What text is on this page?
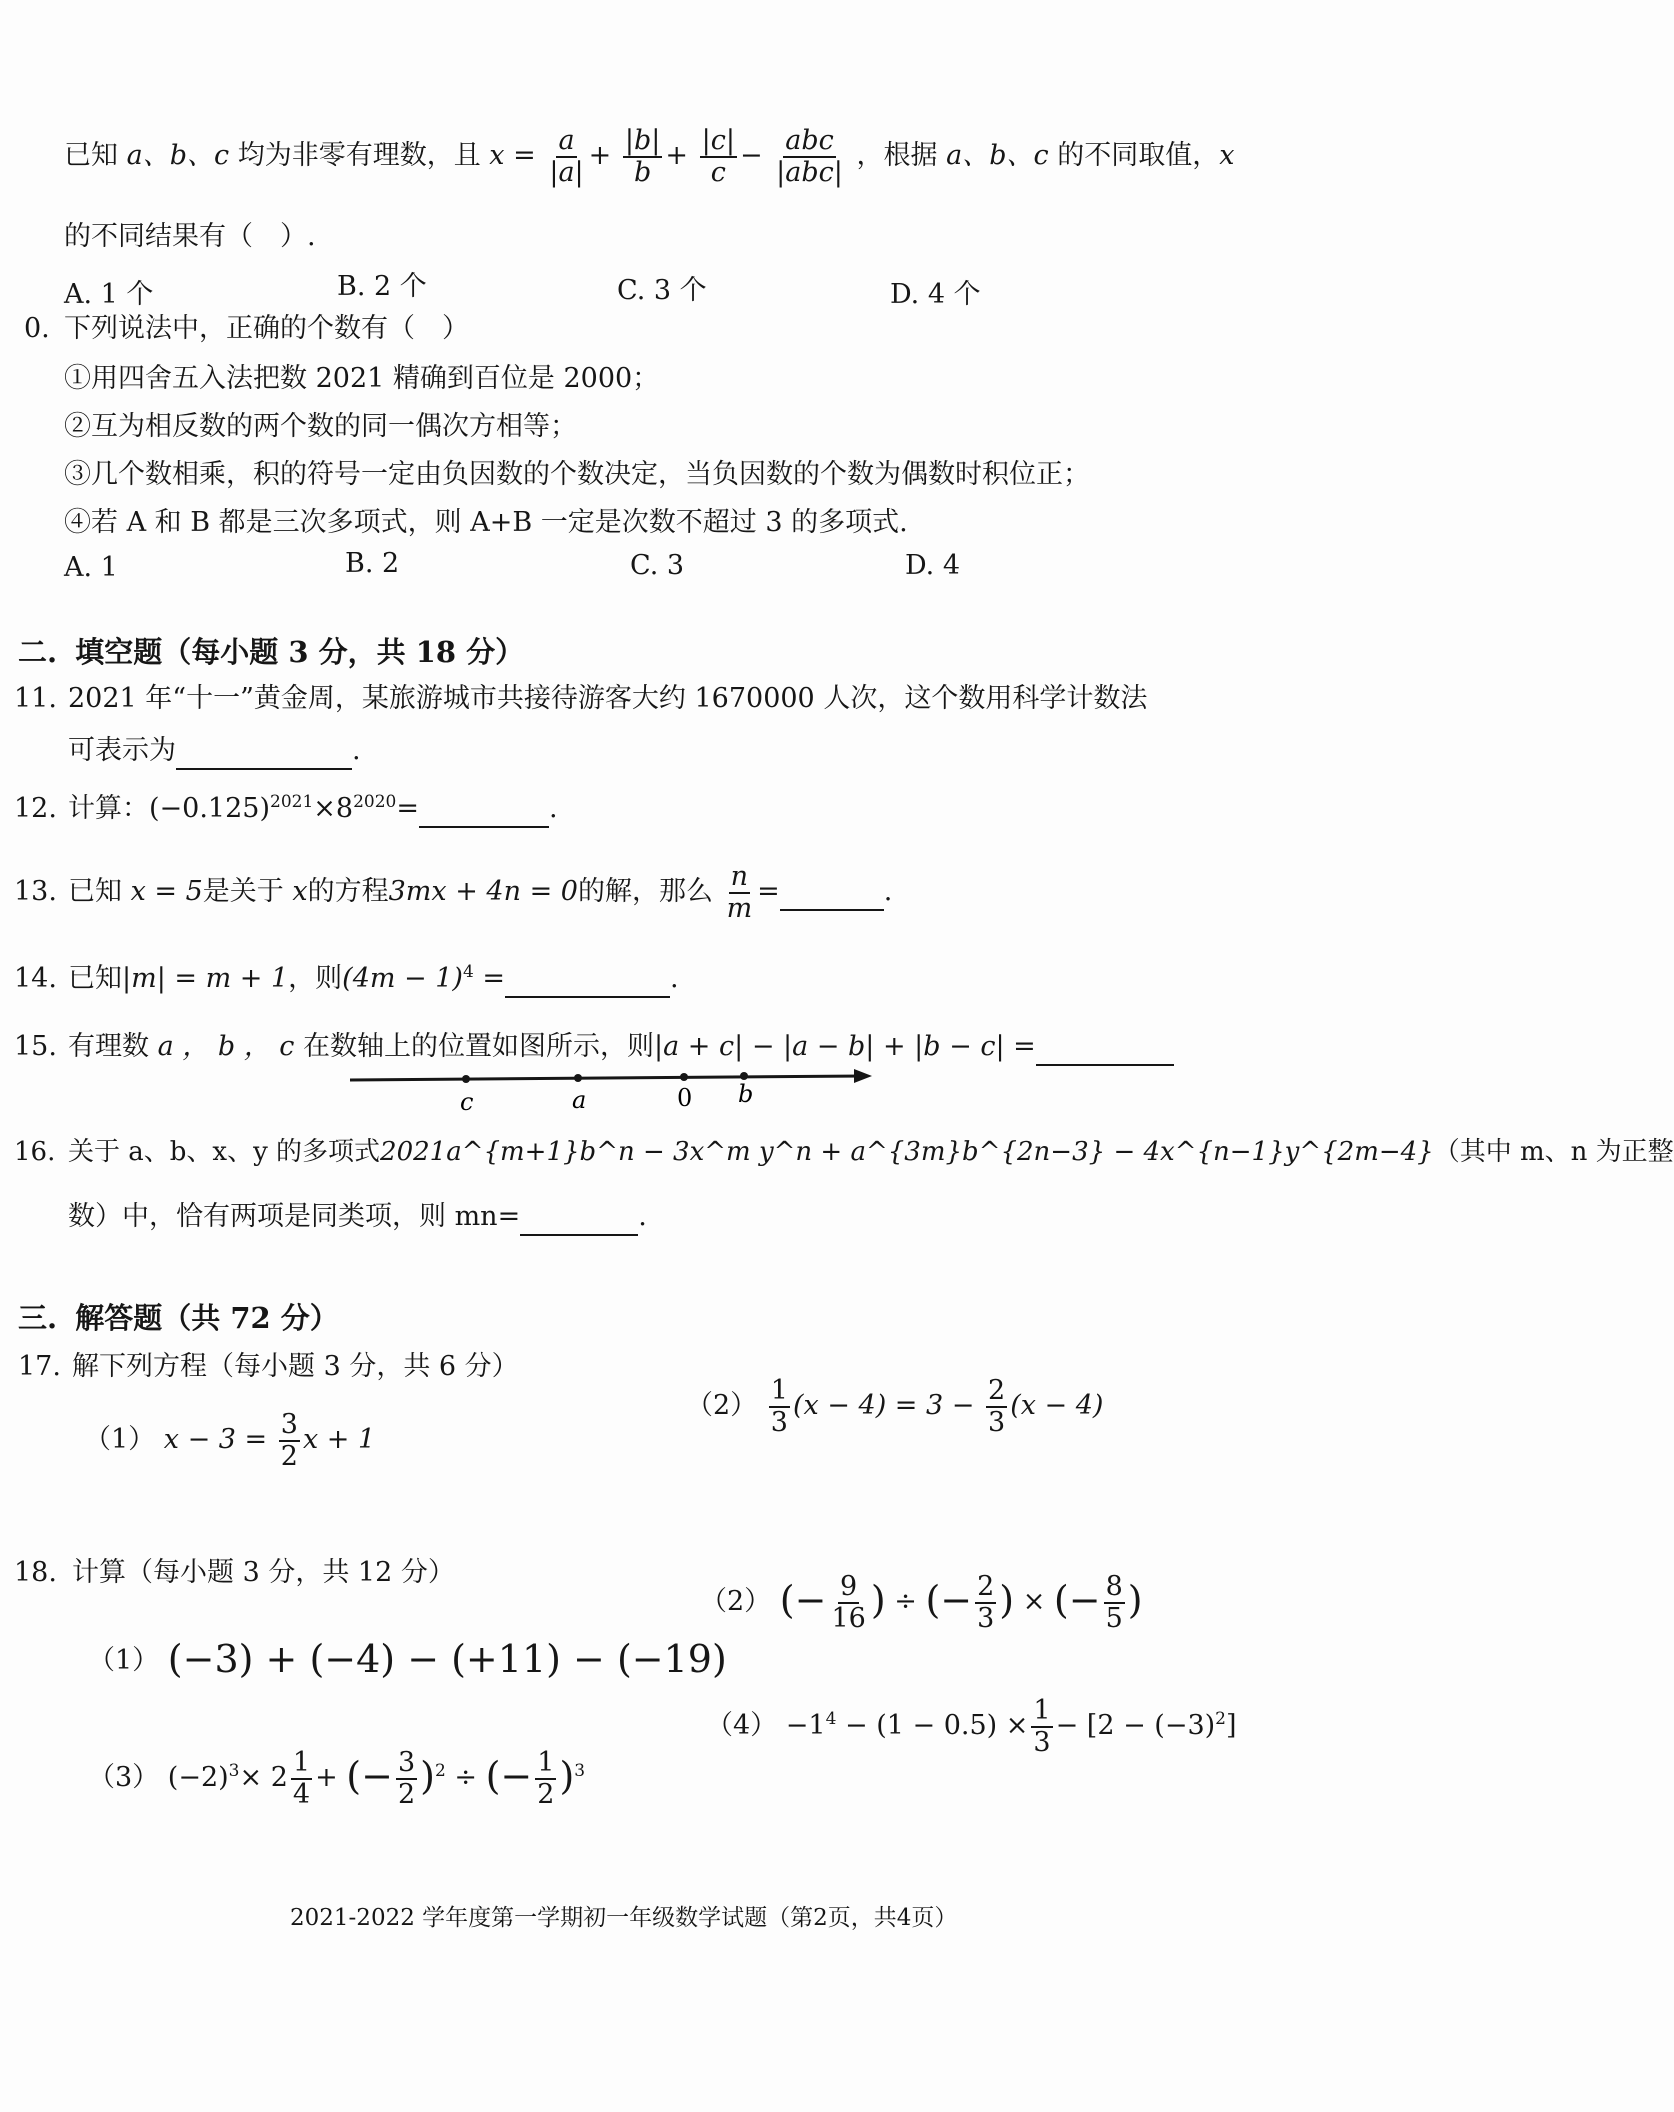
已知 a、b、c 均为非零有理数，且 $x = \frac{a}{|a|} + \frac{|b|}{b} + \frac{|c|}{c} - \frac{\text{abc}}{\text{|abc|}}$ ，根据 a、b、c 的不同取值，x
的不同结果有（　）.
A. 1 个	B. 2 个	C. 3 个	D. 4 个
0. 下列说法中，正确的个数有（　）
①用四舍五入法把数 2021 精确到百位是 2000；
②互为相反数的两个数的同一偶次方相等；
③几个数相乘，积的符号一定由负因数的个数决定，当负因数的个数为偶数时积位正；
④若 A 和 B 都是三次多项式，则 A+B 一定是次数不超过 3 的多项式.
A. 1	B. 2	C. 3	D. 4
二. 填空题（每小题 3 分，共 18 分）
11. 2021 年“十一”黄金周，某旅游城市共接待游客大约 1670000 人次，这个数用科学计数法
可表示为	.
12. 计算：$(-0.125)^{2021}\times 8^{2020}=$	.
13. 已知 x = 5是关于 x的方程3mx + 4n = 0的解，那么 $\frac{n}{m}$ =	.
14. 已知|m| = m + 1，则$(4m - 1)^4$ =	.
15. 有理数 a ， b ， c 在数轴上的位置如图所示，则|a + c| − |a − b| + |b − c| =
c	a	0 b
16. 关于 a、b、x、y 的多项式2021a^{m+1}b^n − 3x^m y^n + a^{3m}b^{2n−3} − 4x^{n−1}y^{2m−4}（其中 m、n 为正整
数）中，恰有两项是同类项，则 mn=	.
三. 解答题（共 72 分）
17. 解下列方程（每小题 3 分，共 6 分）
（1） $x - 3 = \frac{3}{2}$ x + 1
$(2) \frac{1}{3} (x - 4) = 3 - \frac{2}{3} (x - 4)$
18. 计算（每小题 3 分，共 12 分）
（1） (−3) + (−4) − (+11) − (−19)
（2） (− $\frac{9}{16}$ ) ÷ (− $\frac{2}{3}$ ) × (− $\frac{8}{5}$ )
（3） $(-2)^3\times 2 \frac{1}{4}$ + (− $\frac{3}{2} )^2$ ÷ (− $\frac{1}{2} )^3$
$(4) -1^4 - (1 - 0.5) \times \frac{1}{3} - [2 - (-3)^2]$
2021-2022 学年度第一学期初一年级数学试题（第2页，共4页）
